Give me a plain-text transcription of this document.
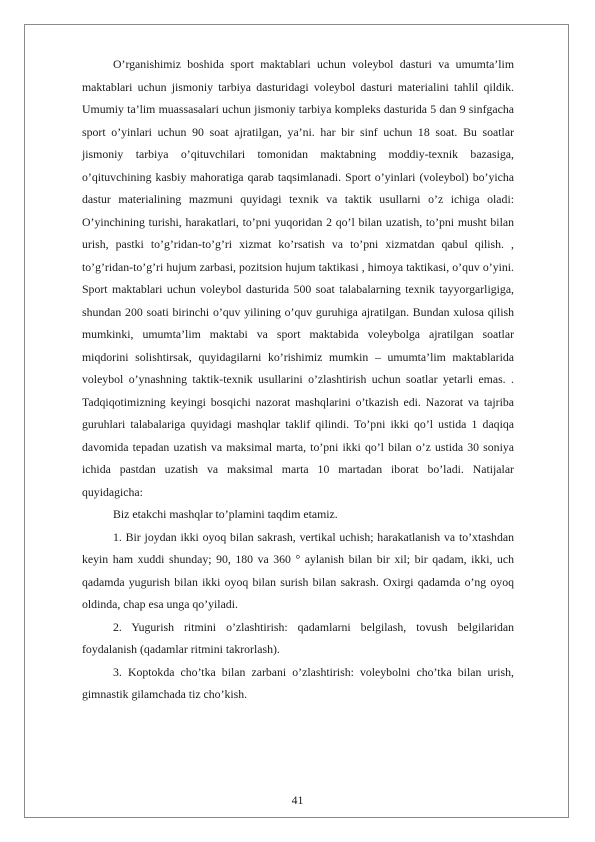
O’rganishimiz boshida sport maktablari uchun voleybol dasturi va umumta’lim maktablari uchun jismoniy tarbiya dasturidagi voleybol dasturi materialini tahlil qildik. Umumiy ta’lim muassasalari uchun jismoniy tarbiya kompleks dasturida 5 dan 9 sinfgacha sport o’yinlari uchun 90 soat ajratilgan, ya’ni. har bir sinf uchun 18 soat. Bu soatlar jismoniy tarbiya o’qituvchilari tomonidan maktabning moddiy-texnik bazasiga, o’qituvchining kasbiy mahoratiga qarab taqsimlanadi. Sport o’yinlari (voleybol) bo’yicha dastur materialining mazmuni quyidagi texnik va taktik usullarni o’z ichiga oladi: O’yinchining turishi, harakatlari, to’pni yuqoridan 2 qo’l bilan uzatish, to’pni musht bilan urish, pastki to’g’ridan-to’g’ri xizmat ko’rsatish va to’pni xizmatdan qabul qilish. , to’g’ridan-to’g’ri hujum zarbasi, pozitsion hujum taktikasi , himoya taktikasi, o’quv o’yini. Sport maktablari uchun voleybol dasturida 500 soat talabalarning texnik tayyorgarligiga, shundan 200 soati birinchi o’quv yilining o’quv guruhiga ajratilgan. Bundan xulosa qilish mumkinki, umumta’lim maktabi va sport maktabida voleybolga ajratilgan soatlar miqdorini solishtirsak, quyidagilarni ko’rishimiz mumkin – umumta’lim maktablarida voleybol o’ynashning taktik-texnik usullarini o’zlashtirish uchun soatlar yetarli emas. . Tadqiqotimizning keyingi bosqichi nazorat mashqlarini o’tkazish edi. Nazorat va tajriba guruhlari talabalariga quyidagi mashqlar taklif qilindi. To’pni ikki qo’l ustida 1 daqiqa davomida tepadan uzatish va maksimal marta, to’pni ikki qo’l bilan o’z ustida 30 soniya ichida pastdan uzatish va maksimal marta 10 martadan iborat bo’ladi. Natijalar quyidagicha:

Biz etakchi mashqlar to’plamini taqdim etamiz.

1. Bir joydan ikki oyoq bilan sakrash, vertikal uchish; harakatlanish va to’xtashdan keyin ham xuddi shunday; 90, 180 va 360 ° aylanish bilan bir xil; bir qadam, ikki, uch qadamda yugurish bilan ikki oyoq bilan surish bilan sakrash. Oxirgi qadamda o’ng oyoq oldinda, chap esa unga qo’yiladi.

2. Yugurish ritmini o’zlashtirish: qadamlarni belgilash, tovush belgilaridan foydalanish (qadamlar ritmini takrorlash).

3. Koptokda cho’tka bilan zarbani o’zlashtirish: voleybolni cho’tka bilan urish, gimnastik gilamchada tiz cho’kish.

41
